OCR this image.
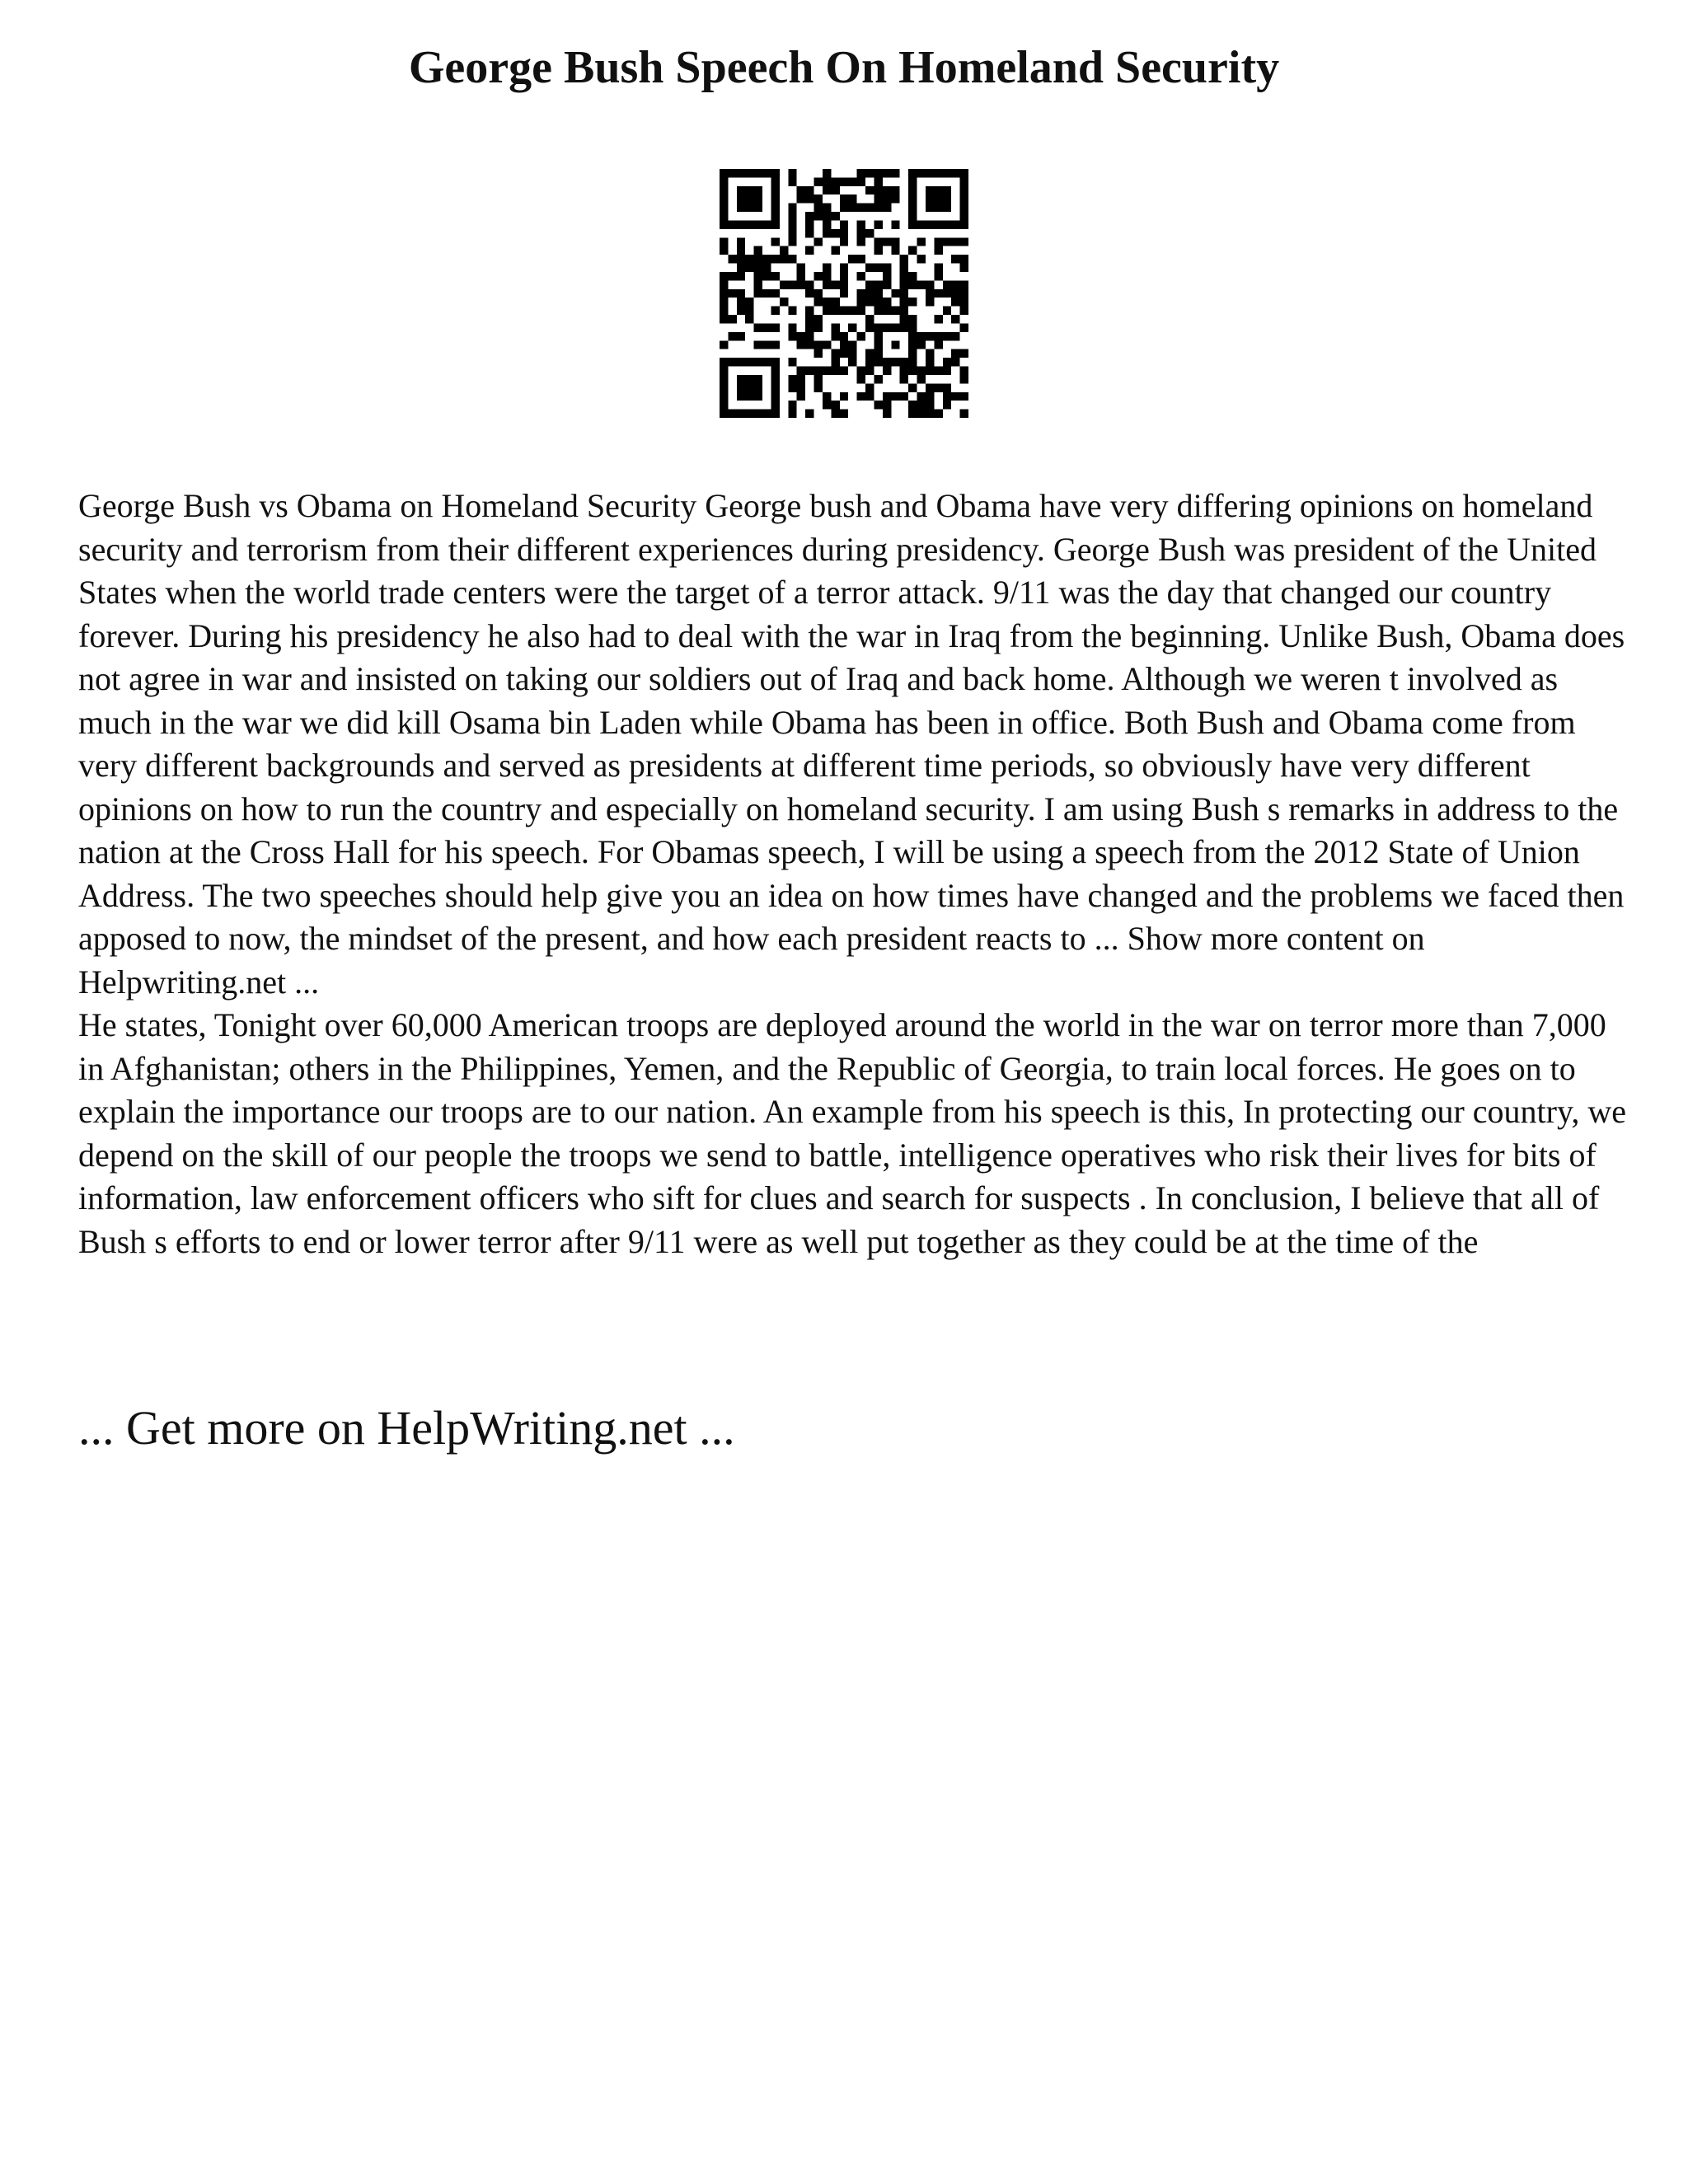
George Bush Speech On Homeland Security

George Bush vs Obama on Homeland Security George bush and Obama have very differing opinions on homeland security and terrorism from their different experiences during presidency. George Bush was president of the United States when the world trade centers were the target of a terror attack. 9/11 was the day that changed our country forever. During his presidency he also had to deal with the war in Iraq from the beginning. Unlike Bush, Obama does not agree in war and insisted on taking our soldiers out of Iraq and back home. Although we weren t involved as much in the war we did kill Osama bin Laden while Obama has been in office. Both Bush and Obama come from very different backgrounds and served as presidents at different time periods, so obviously have very different opinions on how to run the country and especially on homeland security. I am using Bush s remarks in address to the nation at the Cross Hall for his speech. For Obamas speech, I will be using a speech from the 2012 State of Union Address. The two speeches should help give you an idea on how times have changed and the problems we faced then apposed to now, the mindset of the present, and how each president reacts to ... Show more content on Helpwriting.net ...

He states, Tonight over 60,000 American troops are deployed around the world in the war on terror more than 7,000 in Afghanistan; others in the Philippines, Yemen, and the Republic of Georgia, to train local forces. He goes on to explain the importance our troops are to our nation. An example from his speech is this, In protecting our country, we depend on the skill of our people the troops we send to battle, intelligence operatives who risk their lives for bits of information, law enforcement officers who sift for clues and search for suspects . In conclusion, I believe that all of Bush s efforts to end or lower terror after 9/11 were as well put together as they could be at the time of the

... Get more on HelpWriting.net ...
